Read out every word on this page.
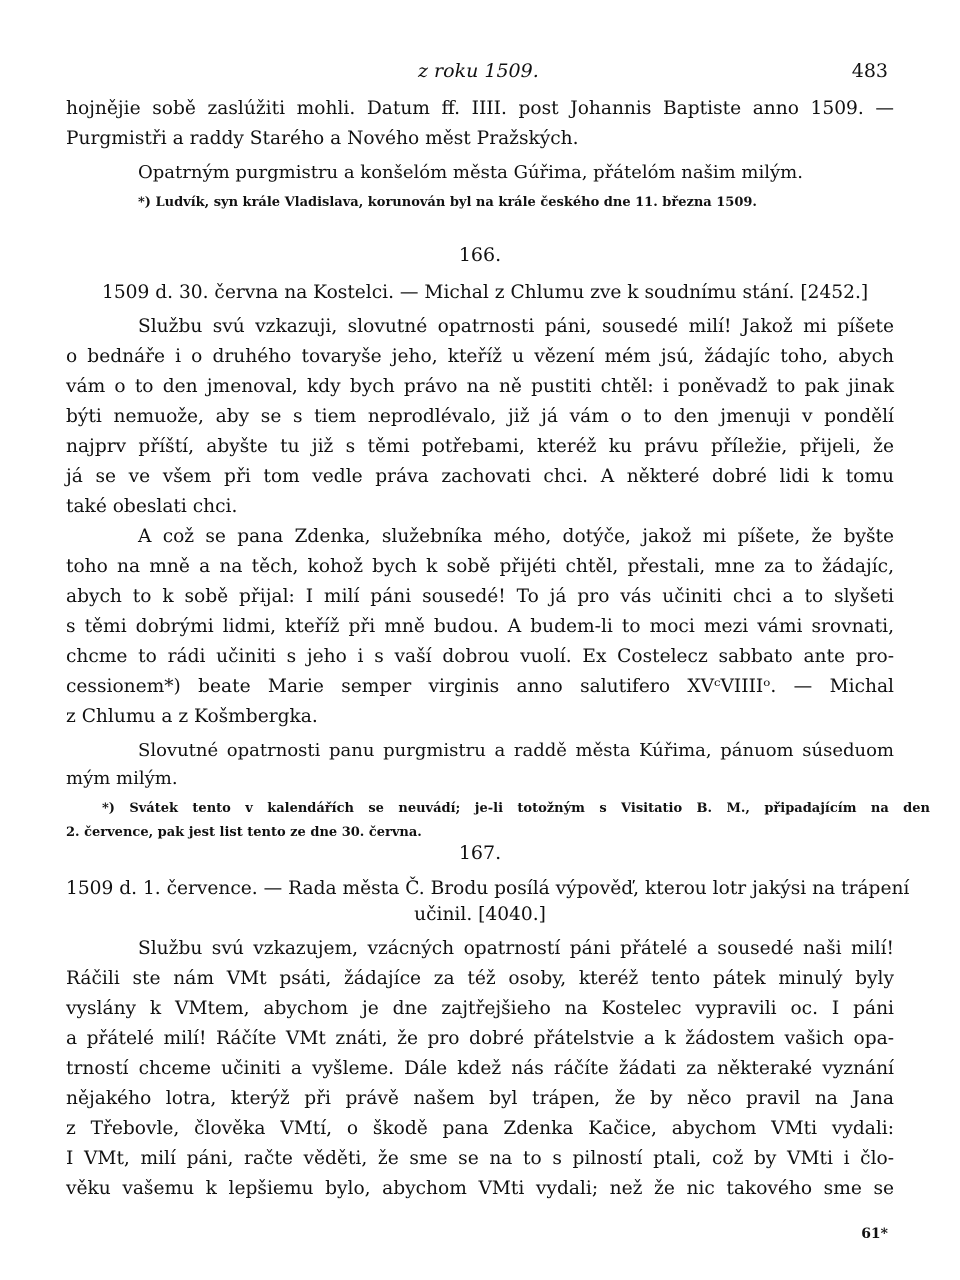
z roku 1509.	483
hojnějie sobě zaslúžiti mohli. Datum ff. IIII. post Johannis Baptiste anno 1509. —
Purgmistři a raddy Starého a Nového měst Pražských.
Opatrným purgmistru a konšelóm města Gúřima, přátelóm našim milým.
*) Ludvík, syn krále Vladislava, korunován byl na krále českého dne 11. března 1509.
166.
1509 d. 30. června na Kostelci. — Michal z Chlumu zve k soudnímu stání. [2452.]
Službu svú vzkazuji, slovutné opatrnosti páni, sousedé milí! Jakož mi píšete
o bednáře i o druhého tovaryše jeho, kteříž u vězení mém jsú, žádajíc toho, abych
vám o to den jmenoval, kdy bych právo na ně pustiti chtěl: i poněvadž to pak jinak
býti nemuože, aby se s tiem neprodlévalo, již já vám o to den jmenuji v pondělí
najprv příští, abyšte tu již s těmi potřebami, kteréž ku právu příležie, přijeli, že
já se ve všem při tom vedle práva zachovati chci. A některé dobré lidi k tomu
také obeslati chci.
A což se pana Zdenka, služebníka mého, dotýče, jakož mi píšete, že byšte
toho na mně a na těch, kohož bych k sobě přijéti chtěl, přestali, mne za to žádajíc,
abych to k sobě přijal: I milí páni sousedé! To já pro vás učiniti chci a to slyšeti
s těmi dobrými lidmi, kteříž při mně budou. A budem-li to moci mezi vámi srovnati,
chcme to rádi učiniti s jeho i s vaší dobrou vuolí. Ex Costelecz sabbato ante pro-
cessionem*) beate Marie semper virginis anno salutifero XVᶜVIIIIᵒ. — Michal
z Chlumu a z Košmbergka.
Slovutné opatrnosti panu purgmistru a raddě města Kúřima, pánuom súseduom
mým milým.
*) Svátek tento v kalendářích se neuvádí; je-li totožným s Visitatio B. M., připadajícím na den
2. července, pak jest list tento ze dne 30. června.
167.
1509 d. 1. července. — Rada města Č. Brodu posílá výpověď, kterou lotr jakýsi na trápení
učinil. [4040.]
Službu svú vzkazujem, vzácných opatrností páni přátelé a sousedé naši milí!
Ráčili ste nám VMt psáti, žádajíce za též osoby, kteréž tento pátek minulý byly
vyslány k VMtem, abychom je dne zajtřejšieho na Kostelec vypravili oc. I páni
a přátelé milí! Ráčíte VMt znáti, že pro dobré přátelstvie a k žádostem vašich opa-
trností chceme učiniti a vyšleme. Dále kdež nás ráčíte žádati za některaké vyznání
nějakého lotra, kterýž při právě našem byl trápen, že by něco pravil na Jana
z Třebovle, člověka VMtí, o škodě pana Zdenka Kačice, abychom VMti vydali:
I VMt, milí páni, račte věděti, že sme se na to s pilností ptali, což by VMti i člo-
věku vašemu k lepšiemu bylo, abychom VMti vydali; než že nic takového sme se
61*
